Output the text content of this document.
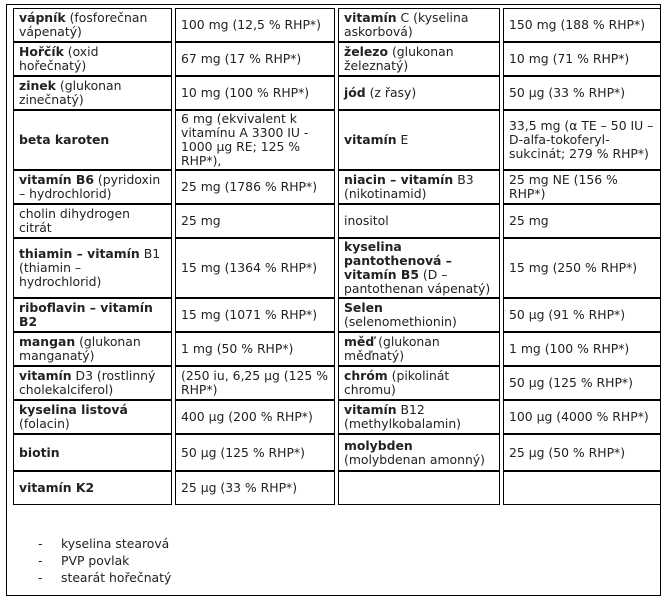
vápník (fosforečnan vápenatý)	100 mg (12,5 % RHP*)	vitamín C (kyselina askorbová)	150 mg (188 % RHP*)
Hořčík (oxid hořečnatý)	67 mg (17 % RHP*)	železo (glukonan železnatý)	10 mg (71 % RHP*)
zinek (glukonan zinečnatý)	10 mg (100 % RHP*)	jód (z řasy)	50 µg (33 % RHP*)
beta karoten	6 mg (ekvivalent k vitamínu A 3300 IU - 1000 µg RE; 125 % RHP*),	vitamín E	33,5 mg (α TE – 50 IU – D-alfa-tokoferyl-sukcinát; 279 % RHP*)
vitamín B6 (pyridoxin – hydrochlorid)	25 mg (1786 % RHP*)	niacin – vitamín B3 (nikotinamid)	25 mg NE (156 % RHP*)
cholin dihydrogen citrát	25 mg	inositol	25 mg
thiamin – vitamín B1 (thiamin – hydrochlorid)	15 mg (1364 % RHP*)	kyselina pantothenová – vitamín B5 (D – pantothenan vápenatý)	15 mg (250 % RHP*)
riboflavin – vitamín B2	15 mg (1071 % RHP*)	Selen (selenomethionin)	50 µg (91 % RHP*)
mangan (glukonan manganatý)	1 mg (50 % RHP*)	měď (glukonan měďnatý)	1 mg (100 % RHP*)
vitamín D3 (rostlinný cholekalciferol)	(250 iu, 6,25 µg (125 % RHP*)	chróm (pikolinát chromu)	50 µg (125 % RHP*)
kyselina listová (folacin)	400 µg (200 % RHP*)	vitamín B12 (methylkobalamin)	100 µg (4000 % RHP*)
biotin	50 µg (125 % RHP*)	molybden (molybdenan amonný)	25 µg (50 % RHP*)
vitamín K2	25 µg (33 % RHP*)		
- kyselina stearová
- PVP povlak
- stearát hořečnatý
